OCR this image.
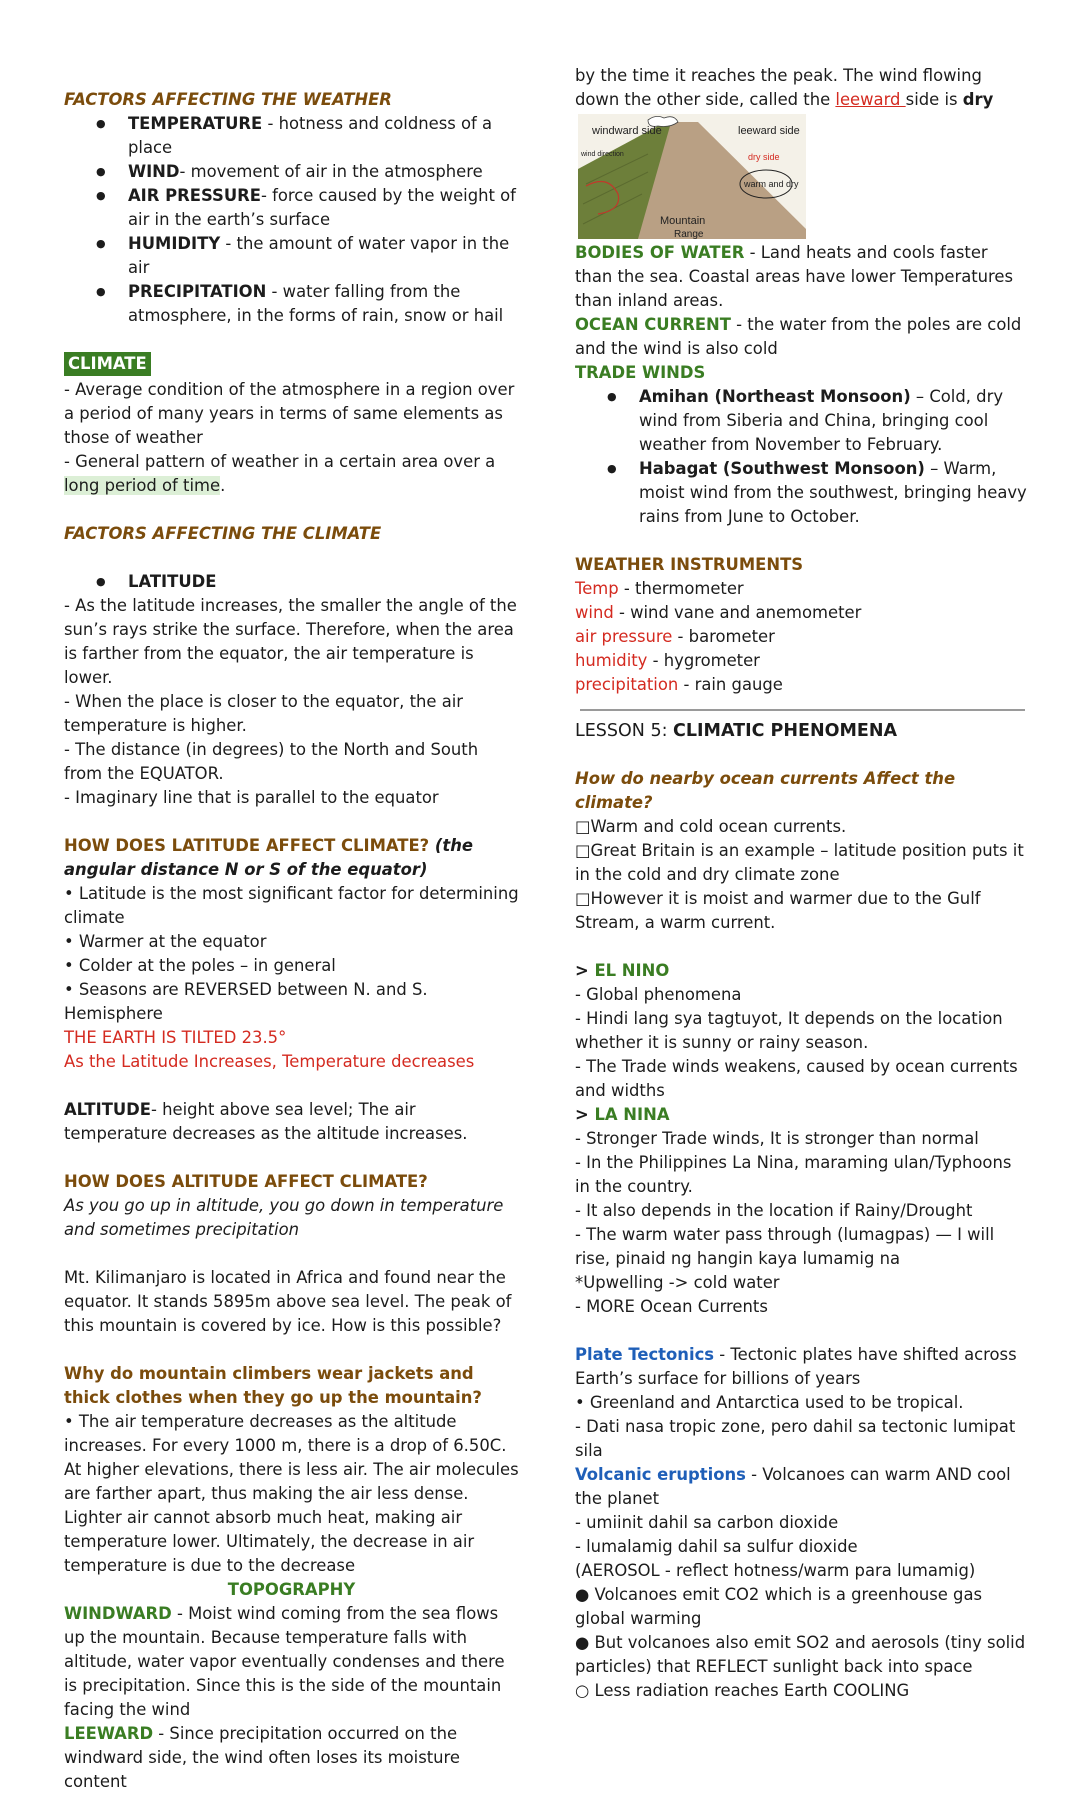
FACTORS AFFECTING THE WEATHER

● TEMPERATURE - hotness and coldness of a place
● WIND- movement of air in the atmosphere
● AIR PRESSURE- force caused by the weight of air in the earth’s surface
● HUMIDITY - the amount of water vapor in the air
● PRECIPITATION - water falling from the atmosphere, in the forms of rain, snow or hail

CLIMATE

- Average condition of the atmosphere in a region over a period of many years in terms of same elements as those of weather

- General pattern of weather in a certain area over a long period of time.

FACTORS AFFECTING THE CLIMATE

● LATITUDE

- As the latitude increases, the smaller the angle of the sun’s rays strike the surface. Therefore, when the area is farther from the equator, the air temperature is lower.

- When the place is closer to the equator, the air temperature is higher.

- The distance (in degrees) to the North and South from the EQUATOR.

- Imaginary line that is parallel to the equator

HOW DOES LATITUDE AFFECT CLIMATE? (the angular distance N or S of the equator)

• Latitude is the most significant factor for determining climate

• Warmer at the equator

• Colder at the poles – in general

• Seasons are REVERSED between N. and S. Hemisphere

THE EARTH IS TILTED 23.5°

As the Latitude Increases, Temperature decreases

ALTITUDE- height above sea level; The air temperature decreases as the altitude increases.

HOW DOES ALTITUDE AFFECT CLIMATE?

As you go up in altitude, you go down in temperature and sometimes precipitation

Mt. Kilimanjaro is located in Africa and found near the equator. It stands 5895m above sea level. The peak of this mountain is covered by ice. How is this possible?

Why do mountain climbers wear jackets and thick clothes when they go up the mountain?

• The air temperature decreases as the altitude increases. For every 1000 m, there is a drop of 6.50C. At higher elevations, there is less air. The air molecules are farther apart, thus making the air less dense. Lighter air cannot absorb much heat, making air temperature lower. Ultimately, the decrease in air temperature is due to the decrease

TOPOGRAPHY

WINDWARD - Moist wind coming from the sea flows up the mountain. Because temperature falls with altitude, water vapor eventually condenses and there is precipitation. Since this is the side of the mountain facing the wind

LEEWARD - Since precipitation occurred on the windward side, the wind often loses its moisture content

by the time it reaches the peak. The wind flowing down the other side, called the leeward side is dry

windward side
wind direction
leeward side
dry side
warm and dry
Mountain
Range

BODIES OF WATER - Land heats and cools faster than the sea. Coastal areas have lower Temperatures than inland areas.

OCEAN CURRENT - the water from the poles are cold and the wind is also cold

TRADE WINDS

● Amihan (Northeast Monsoon) – Cold, dry wind from Siberia and China, bringing cool weather from November to February.
● Habagat (Southwest Monsoon) – Warm, moist wind from the southwest, bringing heavy rains from June to October.

WEATHER INSTRUMENTS

Temp - thermometer

wind - wind vane and anemometer

air pressure - barometer

humidity - hygrometer

precipitation - rain gauge

LESSON 5: CLIMATIC PHENOMENA

How do nearby ocean currents Affect the climate?

□Warm and cold ocean currents.

□Great Britain is an example – latitude position puts it in the cold and dry climate zone

□However it is moist and warmer due to the Gulf Stream, a warm current.

> EL NINO

- Global phenomena

- Hindi lang sya tagtuyot, It depends on the location whether it is sunny or rainy season.

- The Trade winds weakens, caused by ocean currents and widths

> LA NINA

- Stronger Trade winds, It is stronger than normal

- In the Philippines La Nina, maraming ulan/Typhoons in the country.

- It also depends in the location if Rainy/Drought

- The warm water pass through (lumagpas) — I will rise, pinaid ng hangin kaya lumamig na

*Upwelling -> cold water

- MORE Ocean Currents

Plate Tectonics - Tectonic plates have shifted across Earth’s surface for billions of years

• Greenland and Antarctica used to be tropical.

- Dati nasa tropic zone, pero dahil sa tectonic lumipat sila

Volcanic eruptions - Volcanoes can warm AND cool the planet

- umiinit dahil sa carbon dioxide

- lumalamig dahil sa sulfur dioxide

(AEROSOL - reflect hotness/warm para lumamig)

● Volcanoes emit CO2 which is a greenhouse gas global warming

● But volcanoes also emit SO2 and aerosols (tiny solid particles) that REFLECT sunlight back into space

○ Less radiation reaches Earth COOLING
